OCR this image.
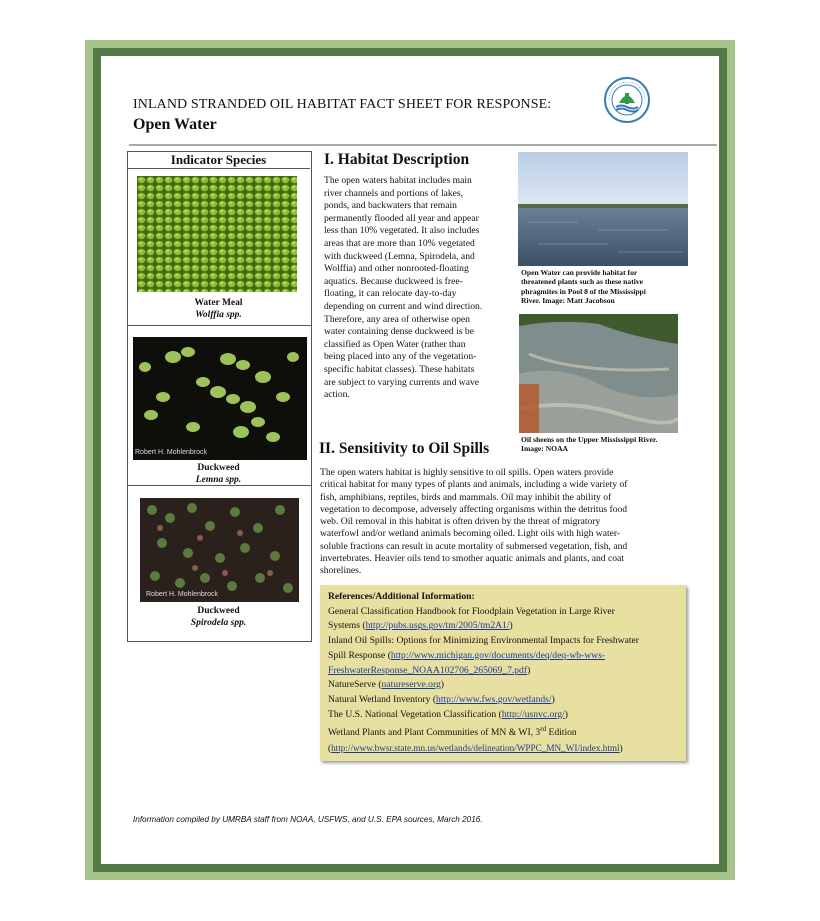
INLAND STRANDED OIL HABITAT FACT SHEET FOR RESPONSE:
Open Water
Indicator Species
Water Meal
Wolffia spp.
Robert H. Mohlenbrock
Duckweed
Lemna spp.
Robert H. Mohlenbrock
Duckweed
Spirodela spp.
I. Habitat Description
The open waters habitat includes main
river channels and portions of lakes,
ponds, and backwaters that remain
permanently flooded all year and appear
less than 10% vegetated. It also includes
areas that are more than 10% vegetated
with duckweed (Lemna, Spirodela, and
Wolffia) and other nonrooted-floating
aquatics. Because duckweed is free-
floating, it can relocate day-to-day
depending on current and wind direction.
Therefore, any area of otherwise open
water containing dense duckweed is be
classified as Open Water (rather than
being placed into any of the vegetation-
specific habitat classes). These habitats
are subject to varying currents and wave
action.
Open Water can provide habitat for
threatened plants such as these native
phragmites in Pool 8 of the Mississippi
River. Image: Matt Jacobson
Oil sheens on the Upper Mississippi River.
Image: NOAA
II. Sensitivity to Oil Spills
The open waters habitat is highly sensitive to oil spills. Open waters provide
critical habitat for many types of plants and animals, including a wide variety of
fish, amphibians, reptiles, birds and mammals. Oil may inhibit the ability of
vegetation to decompose, adversely affecting organisms within the detritus food
web. Oil removal in this habitat is often driven by the threat of migratory
waterfowl and/or wetland animals becoming oiled. Light oils with high water-
soluble fractions can result in acute mortality of submersed vegetation, fish, and
invertebrates. Heavier oils tend to smother aquatic animals and plants, and coat
shorelines.
References/Additional Information:
General Classification Handbook for Floodplain Vegetation in Large River
Systems (http://pubs.usgs.gov/tm/2005/tm2A1/)
Inland Oil Spills: Options for Minimizing Environmental Impacts for Freshwater
Spill Response (http://www.michigan.gov/documents/deq/deq-wb-wws-
FreshwaterResponse_NOAA102706_265069_7.pdf)
NatureServe (natureserve.org)
Natural Wetland Inventory (http://www.fws.gov/wetlands/)
The U.S. National Vegetation Classification (http://usnvc.org/)
Wetland Plants and Plant Communities of MN & WI, 3rd Edition
(http://www.bwsr.state.mn.us/wetlands/delineation/WPPC_MN_WI/index.html)
Information compiled by UMRBA staff from NOAA, USFWS, and U.S. EPA sources, March 2016.
